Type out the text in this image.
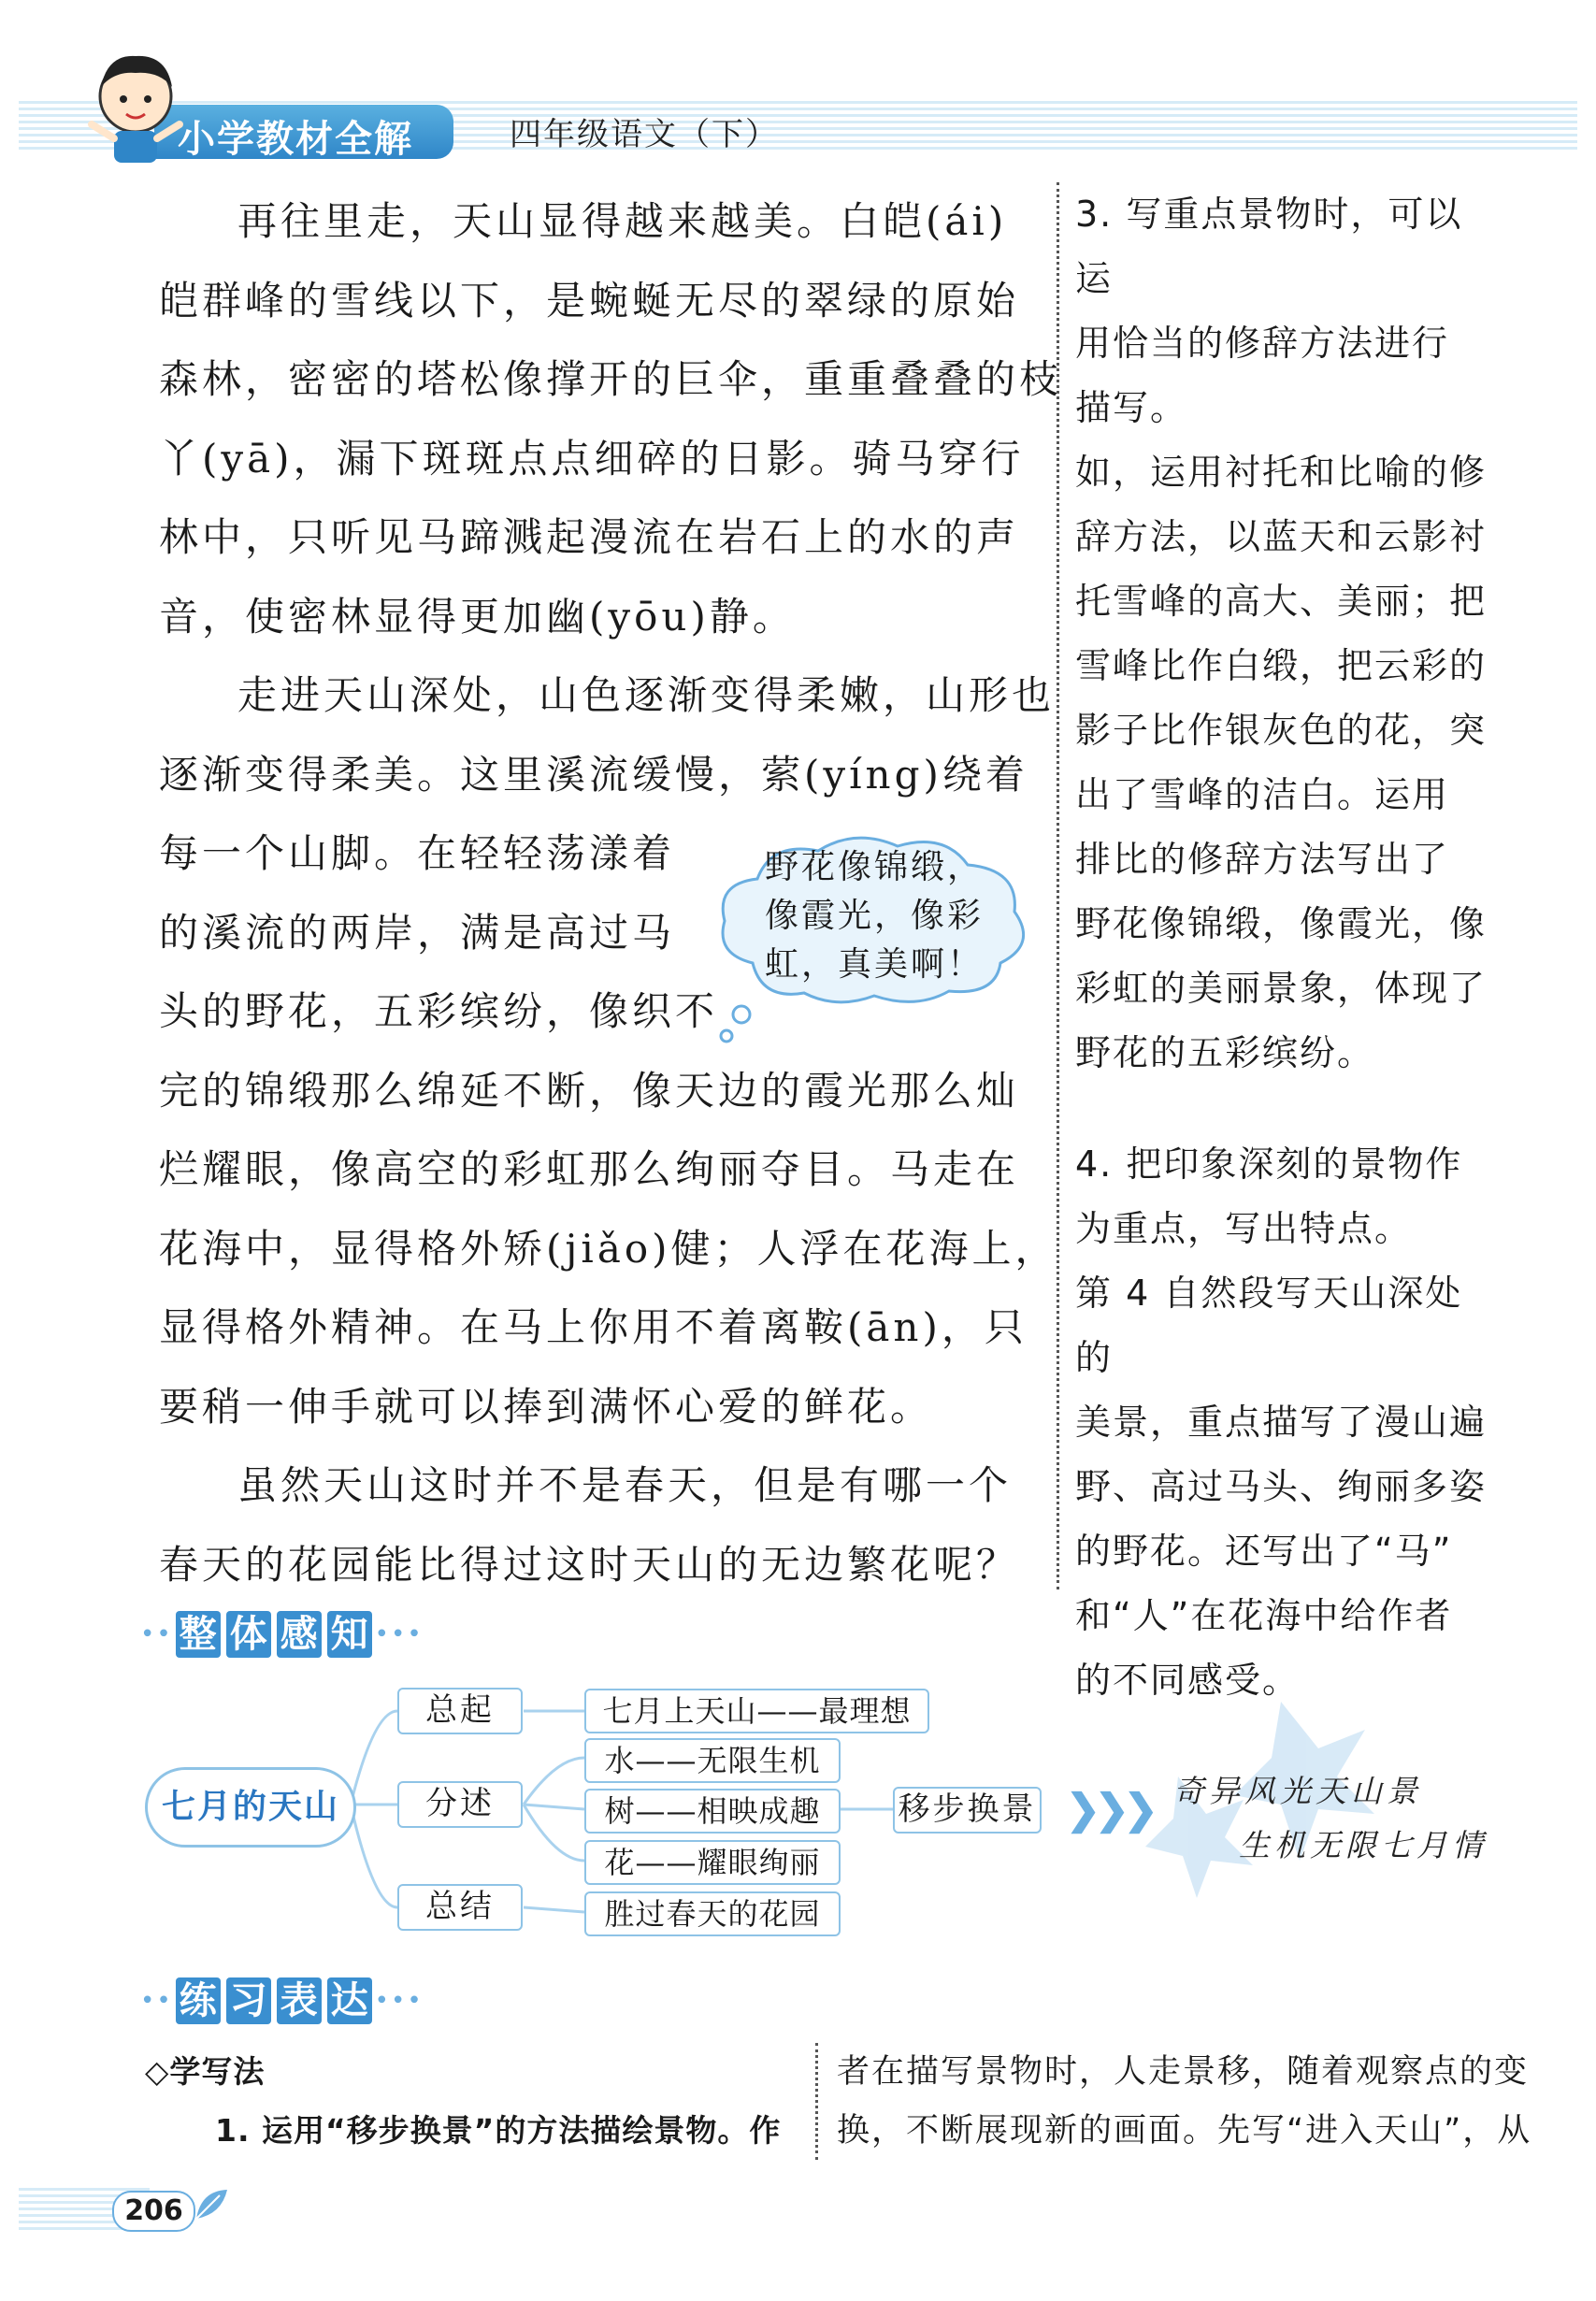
小学教材全解	四年级语文（下）
再往里走，天山显得越来越美。白皑(ái)
皑群峰的雪线以下，是蜿蜒无尽的翠绿的原始
森林，密密的塔松像撑开的巨伞，重重叠叠的枝
丫(yā)，漏下斑斑点点细碎的日影。骑马穿行
林中，只听见马蹄溅起漫流在岩石上的水的声
音，使密林显得更加幽(yōu)静。
走进天山深处，山色逐渐变得柔嫩，山形也
逐渐变得柔美。这里溪流缓慢，萦(yíng)绕着
每一个山脚。在轻轻荡漾着
的溪流的两岸，满是高过马
头的野花，五彩缤纷，像织不
完的锦缎那么绵延不断，像天边的霞光那么灿
烂耀眼，像高空的彩虹那么绚丽夺目。马走在
花海中，显得格外矫(jiǎo)健；人浮在花海上，
显得格外精神。在马上你用不着离鞍(ān)，只
要稍一伸手就可以捧到满怀心爱的鲜花。
虽然天山这时并不是春天，但是有哪一个
春天的花园能比得过这时天山的无边繁花呢？
野花像锦缎，像霞光，像彩虹，真美啊！

3. 写重点景物时，可以运

用恰当的修辞方法进行

描写。

如，运用衬托和比喻的修

辞方法，以蓝天和云影衬

托雪峰的高大、美丽；把

雪峰比作白缎，把云彩的

影子比作银灰色的花，突

出了雪峰的洁白。运用

排比的修辞方法写出了

野花像锦缎，像霞光，像

彩虹的美丽景象，体现了

野花的五彩缤纷。

4. 把印象深刻的景物作

为重点，写出特点。

第 4 自然段写天山深处的

美景，重点描写了漫山遍

野、高过马头、绚丽多姿

的野花。还写出了“马”

和“人”在花海中给作者

的不同感受。

•• 整 体 感 知 •••
七月的天山
总起
分述
总结
七月上天山——最理想
水——无限生机
树——相映成趣
花——耀眼绚丽
胜过春天的花园
移步换景 ❯❯❯ 奇异风光天山景
生机无限七月情
•• 练 习 表 达 •••
◇学写法
1. 运用“移步换景”的方法描绘景物。作

者在描写景物时，人走景移，随着观察点的变

换，不断展现新的画面。先写“进入天山”，从

206
